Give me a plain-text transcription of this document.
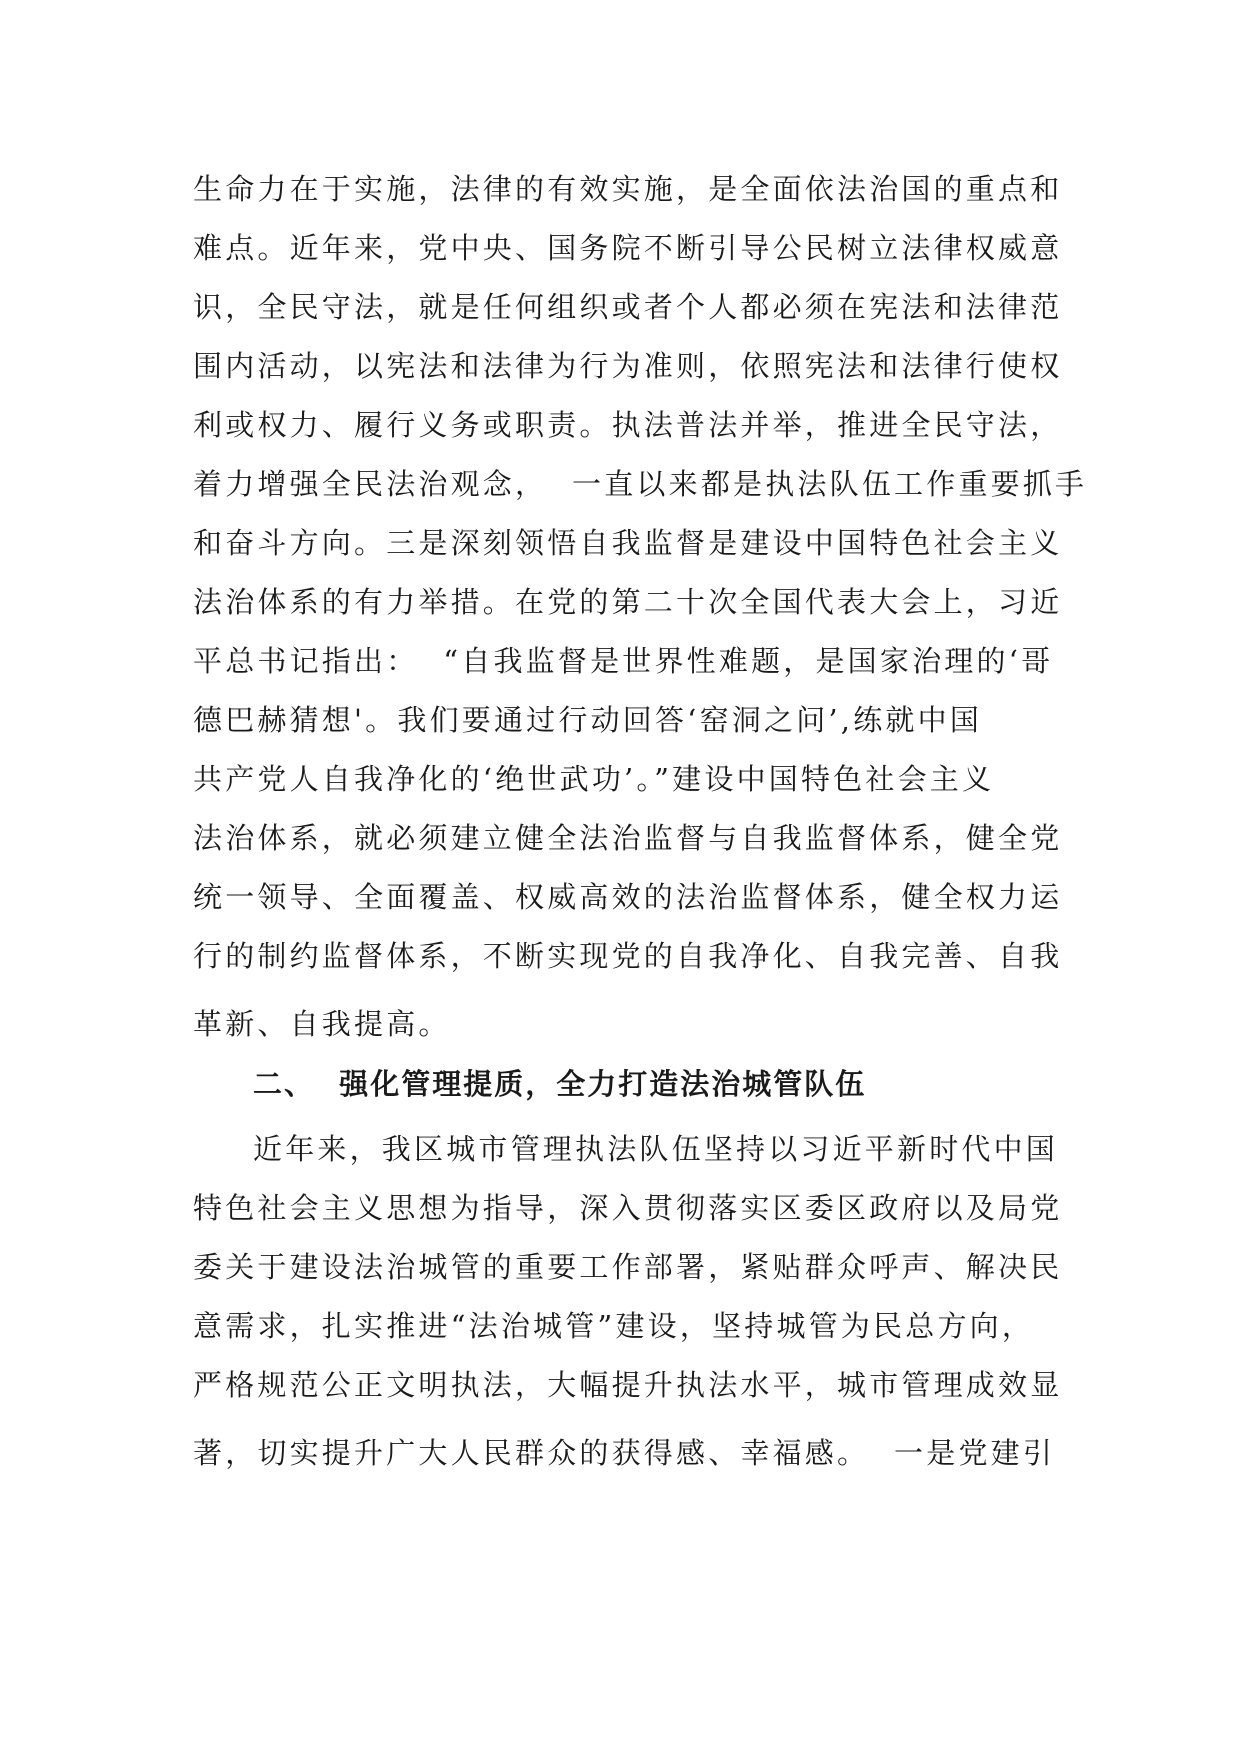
生命力在于实施，法律的有效实施，是全面依法治国的重点和
难点。近年来，党中央、国务院不断引导公民树立法律权威意
识，全民守法，就是任何组织或者个人都必须在宪法和法律范
围内活动，以宪法和法律为行为准则，依照宪法和法律行使权
利或权力、履行义务或职责。执法普法并举，推进全民守法，
着力增强全民法治观念，  一直以来都是执法队伍工作重要抓手
和奋斗方向。三是深刻领悟自我监督是建设中国特色社会主义
法治体系的有力举措。在党的第二十次全国代表大会上，习近
平总书记指出：  “自我监督是世界性难题，是国家治理的‘哥
德巴赫猜想'。我们要通过行动回答‘窑洞之问’,练就中国
共产党人自我净化的‘绝世武功’。”建设中国特色社会主义
法治体系，就必须建立健全法治监督与自我监督体系，健全党
统一领导、全面覆盖、权威高效的法治监督体系，健全权力运
行的制约监督体系，不断实现党的自我净化、自我完善、自我
革新、自我提高。
二、  强化管理提质，全力打造法治城管队伍
近年来，我区城市管理执法队伍坚持以习近平新时代中国
特色社会主义思想为指导，深入贯彻落实区委区政府以及局党
委关于建设法治城管的重要工作部署，紧贴群众呼声、解决民
意需求，扎实推进“法治城管”建设，坚持城管为民总方向，
严格规范公正文明执法，大幅提升执法水平，城市管理成效显
著，切实提升广大人民群众的获得感、幸福感。  一是党建引
